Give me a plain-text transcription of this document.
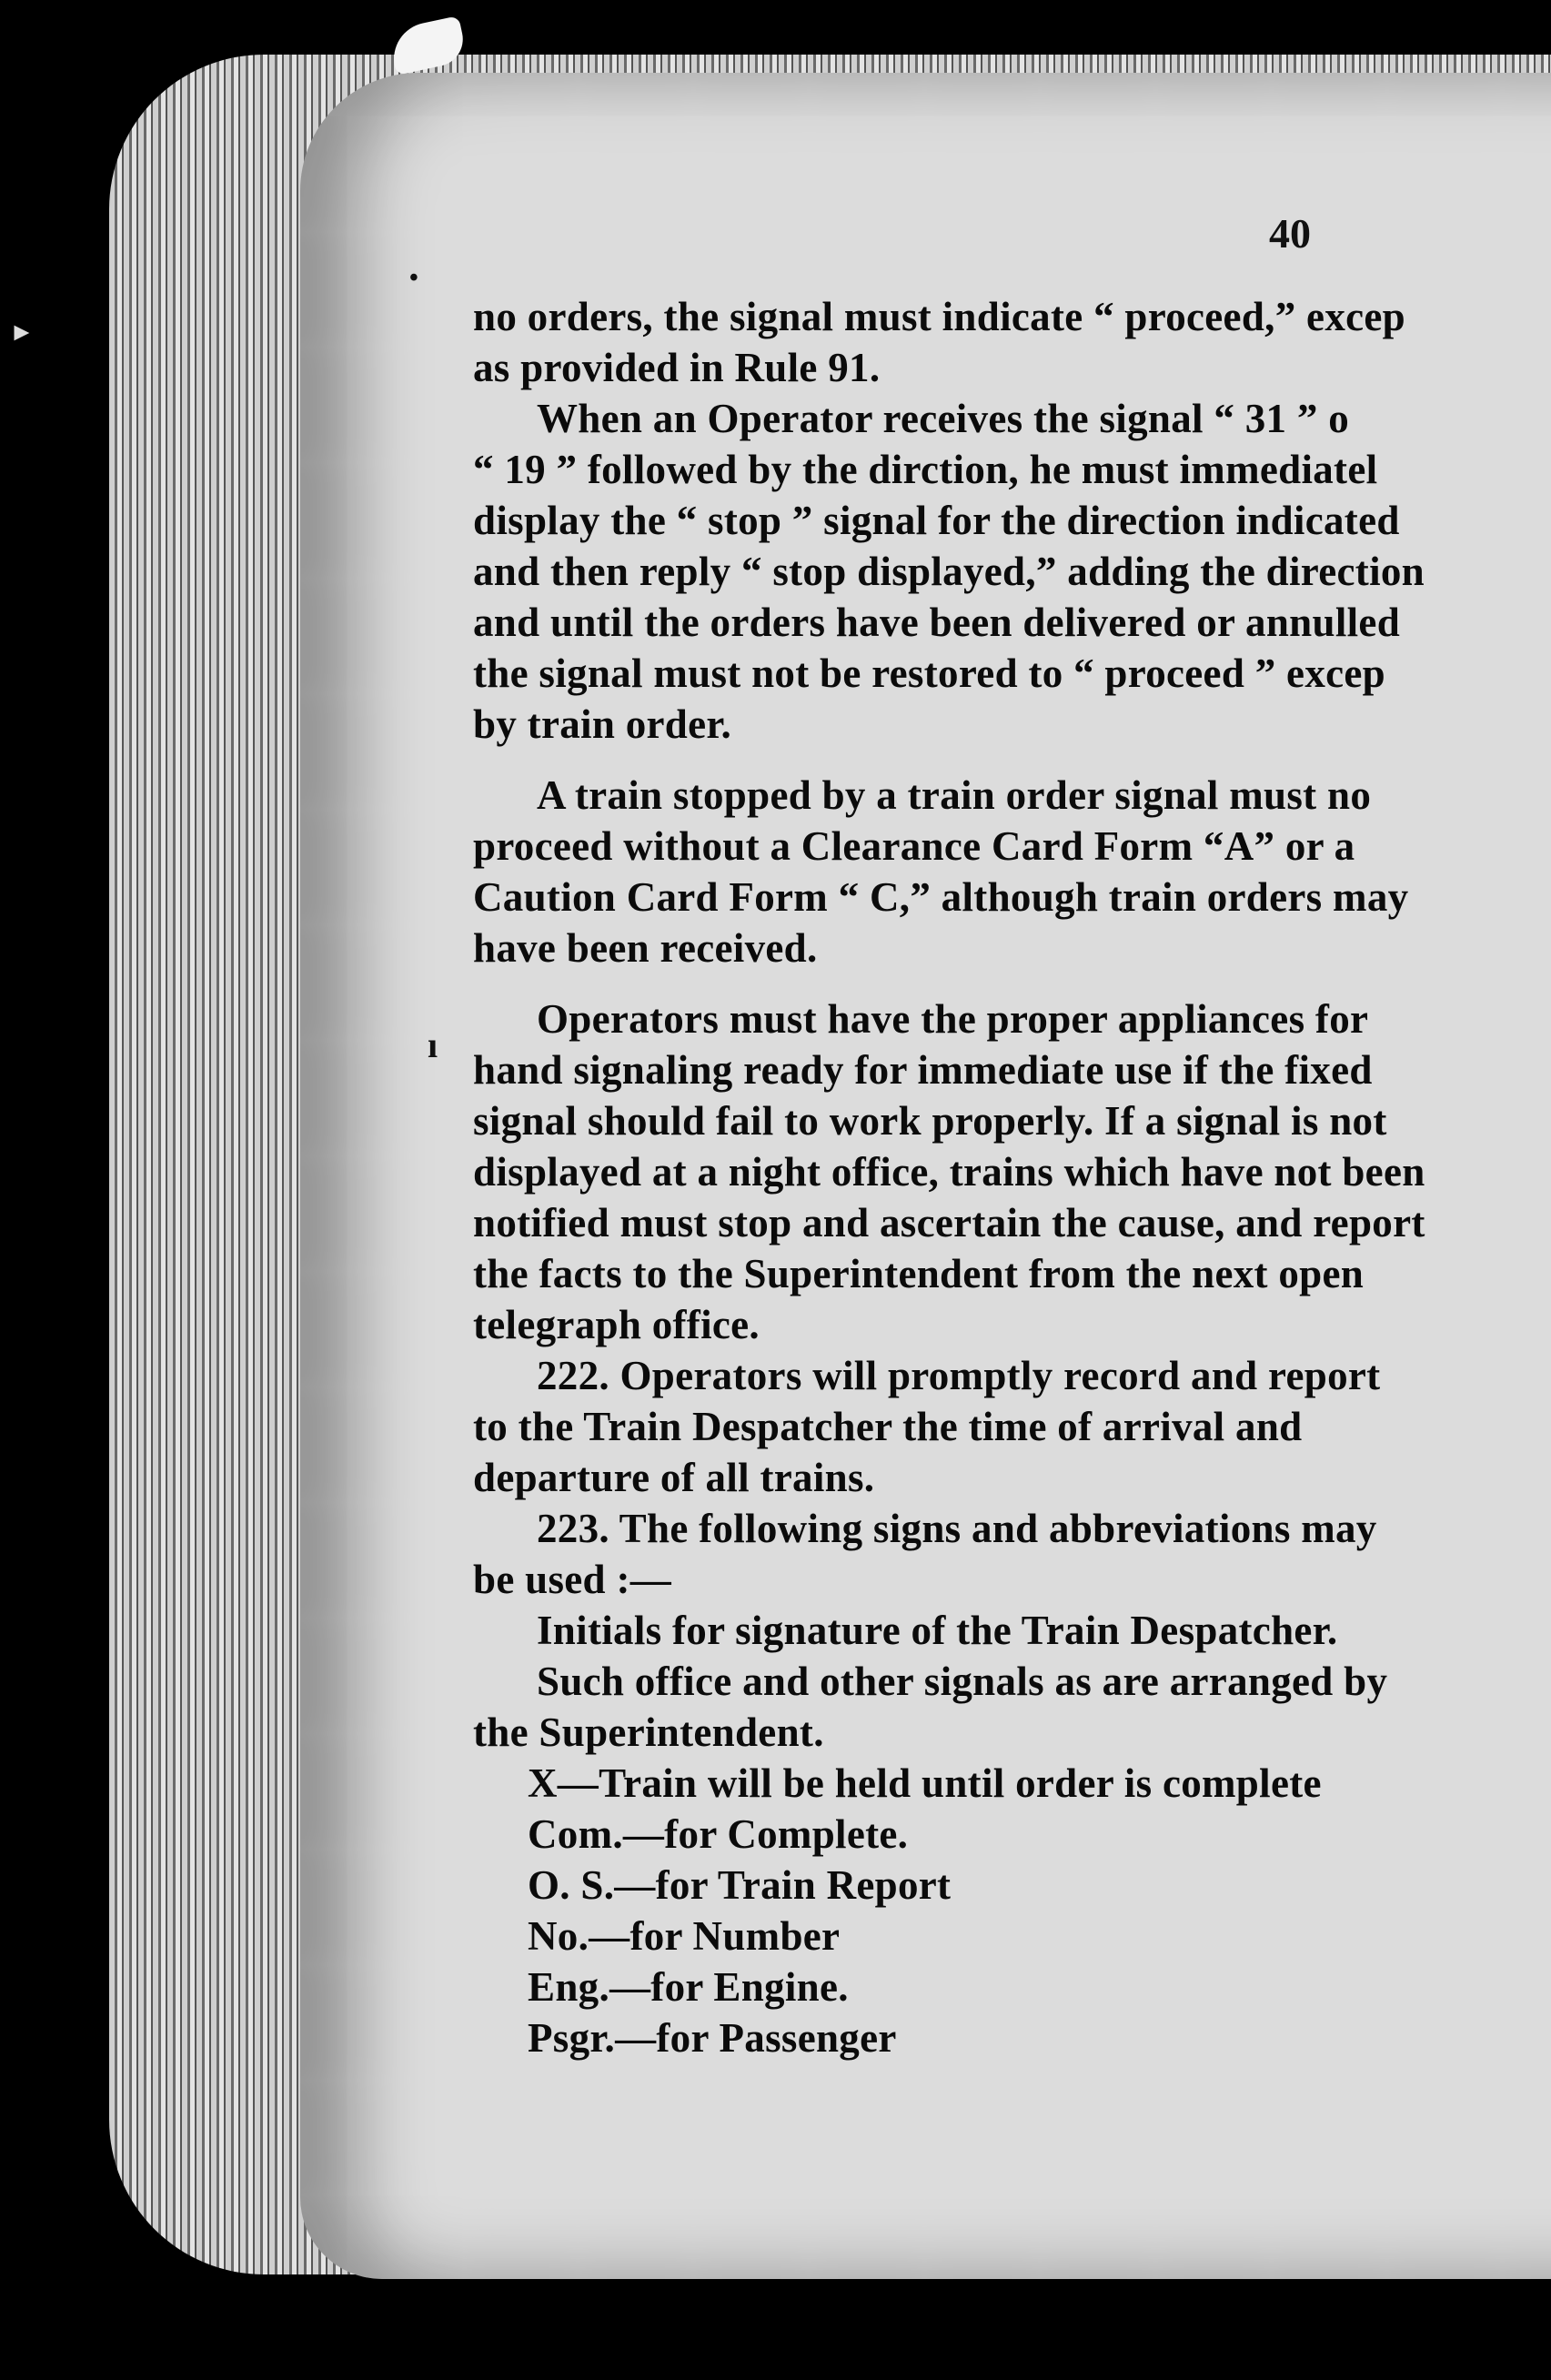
40

no orders, the signal must indicate “ proceed,” excep

as provided in Rule 91.

When an Operator receives the signal “ 31 ” o

“ 19 ” followed by the dirction, he must immediatel

display the “ stop ” signal for the direction indicated

and then reply “ stop displayed,” adding the direction

and until the orders have been delivered or annulled

the signal must not be restored to “ proceed ” excep

by train order.

A train stopped by a train order signal must no

proceed without a Clearance Card Form “A” or a

Caution Card Form “ C,” although train orders may

have been received.

Operators must have the proper appliances for

hand signaling ready for immediate use if the fixed

signal should fail to work properly. If a signal is not

displayed at a night office, trains which have not been

notified must stop and ascertain the cause, and report

the facts to the Superintendent from the next open

telegraph office.

222. Operators will promptly record and report

to the Train Despatcher the time of arrival and

departure of all trains.

223. The following signs and abbreviations may

be used :—

Initials for signature of the Train Despatcher.

Such office and other signals as are arranged by

the Superintendent.

X—Train will be held until order is complete

Com.—for Complete.

O. S.—for Train Report

No.—for Number

Eng.—for Engine.

Psgr.—for Passenger

ı
►
•
